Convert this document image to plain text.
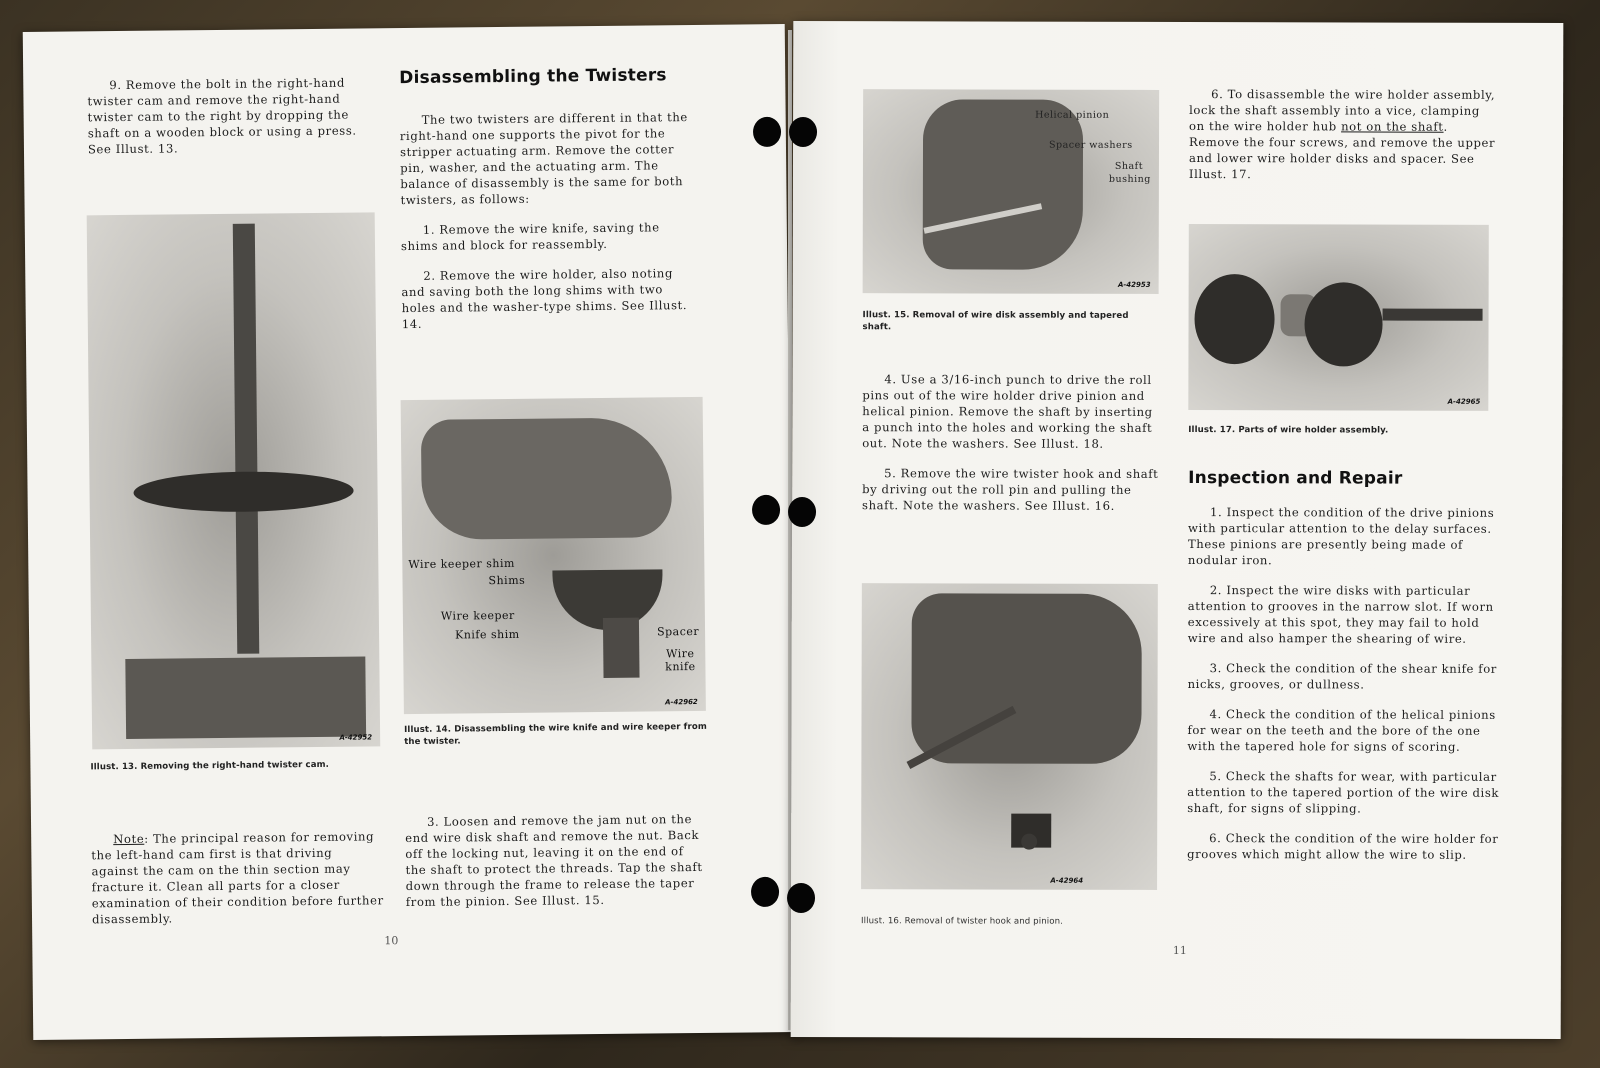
9. Remove the bolt in the right-hand twister cam and remove the right-hand twister cam to the right by dropping the shaft on a wooden block or using a press. See Illust. 13.

A-42952
Illust. 13. Removing the right-hand twister cam.

Note: The principal reason for removing the left-hand cam first is that driving against the cam on the thin section may fracture it. Clean all parts for a closer examination of their condition before further disassembly.

Disassembling the Twisters

The two twisters are different in that the right-hand one supports the pivot for the stripper actuating arm. Remove the cotter pin, washer, and the actuating arm. The balance of disassembly is the same for both twisters, as follows:

1. Remove the wire knife, saving the shims and block for reassembly.

2. Remove the wire holder, also noting and saving both the long shims with two holes and the washer-type shims. See Illust. 14.

Wire keeper shim
Shims
Wire keeper
Knife shim	Spacer
Wire knife
A-42962
Illust. 14. Disassembling the wire knife and wire keeper from the twister.

3. Loosen and remove the jam nut on the end wire disk shaft and remove the nut. Back off the locking nut, leaving it on the end of the shaft to protect the threads. Tap the shaft down through the frame to release the taper from the pinion. See Illust. 15.

10
Helical pinion
Spacer washers
Shaft bushing
A-42953
Illust. 15. Removal of wire disk assembly and tapered shaft.

4. Use a 3/16-inch punch to drive the roll pins out of the wire holder drive pinion and helical pinion. Remove the shaft by inserting a punch into the holes and working the shaft out. Note the washers. See Illust. 18.

5. Remove the wire twister hook and shaft by driving out the roll pin and pulling the shaft. Note the washers. See Illust. 16.

A-42964
Illust. 16. Removal of twister hook and pinion.

6. To disassemble the wire holder assembly, lock the shaft assembly into a vice, clamping on the wire holder hub not on the shaft. Remove the four screws, and remove the upper and lower wire holder disks and spacer. See Illust. 17.

A-42965
Illust. 17. Parts of wire holder assembly.
Inspection and Repair

1. Inspect the condition of the drive pinions with particular attention to the delay surfaces. These pinions are presently being made of nodular iron.

2. Inspect the wire disks with particular attention to grooves in the narrow slot. If worn excessively at this spot, they may fail to hold wire and also hamper the shearing of wire.

3. Check the condition of the shear knife for nicks, grooves, or dullness.

4. Check the condition of the helical pinions for wear on the teeth and the bore of the one with the tapered hole for signs of scoring.

5. Check the shafts for wear, with particular attention to the tapered portion of the wire disk shaft, for signs of slipping.

6. Check the condition of the wire holder for grooves which might allow the wire to slip.

11
